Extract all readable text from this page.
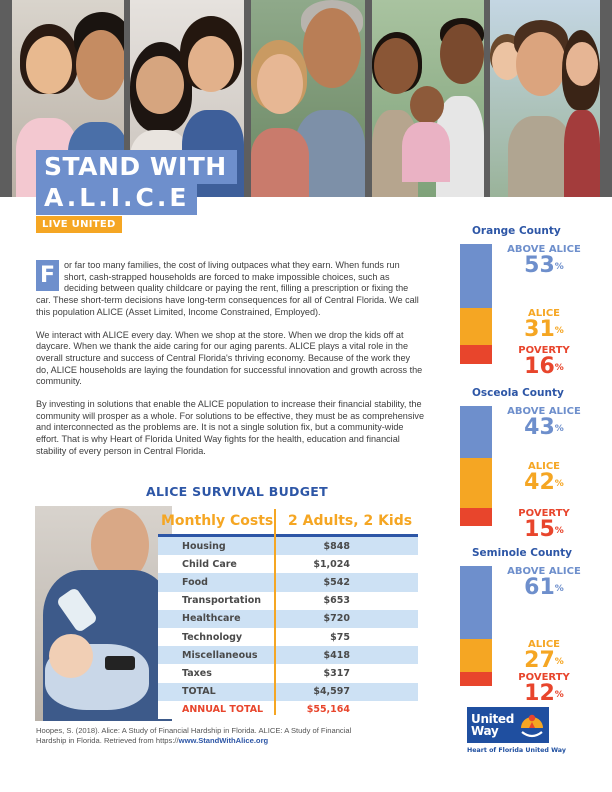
STAND WITH
A.L.I.C.E
LIVE UNITED

F or far too many families, the cost of living outpaces what they earn. When funds run short, cash-strapped households are forced to make impossible choices, such as deciding between quality childcare or paying the rent, filling a prescription or fixing the car. These short-term decisions have long-term consequences for all of Central Florida. We call this population ALICE (Asset Limited, Income Constrained, Employed).

We interact with ALICE every day. When we shop at the store. When we drop the kids off at daycare. When we thank the aide caring for our aging parents. ALICE plays a vital role in the overall structure and success of Central Florida's thriving economy. Because of the work they do, ALICE households are laying the foundation for successful innovation and growth across the community.

By investing in solutions that enable the ALICE population to increase their financial stability, the community will prosper as a whole. For solutions to be effective, they must be as comprehensive and interconnected as the problems are. It is not a single solution fix, but a community-wide effort. That is why Heart of Florida United Way fights for the health, education and financial stability of every person in Central Florida.

ALICE SURVIVAL BUDGET
Monthly Costs	2 Adults, 2 Kids
Housing	$848
Child Care	$1,024
Food	$542
Transportation	$653
Healthcare	$720
Technology	$75
Miscellaneous	$418
Taxes	$317
TOTAL	$4,597
ANNUAL TOTAL	$55,164
Hoopes, S. (2018). Alice: A Study of Financial Hardship in Florida. ALICE: A Study of Financial Hardship in Florida. Retrieved from https://www.StandWithAlice.org
Orange County
ABOVE ALICE
53%
ALICE
31%
POVERTY
16%
Osceola County
ABOVE ALICE
43%
ALICE
42%
POVERTY
15%
Seminole County
ABOVE ALICE
61%
ALICE
27%
POVERTY
12%
United
Way
Heart of Florida United Way
